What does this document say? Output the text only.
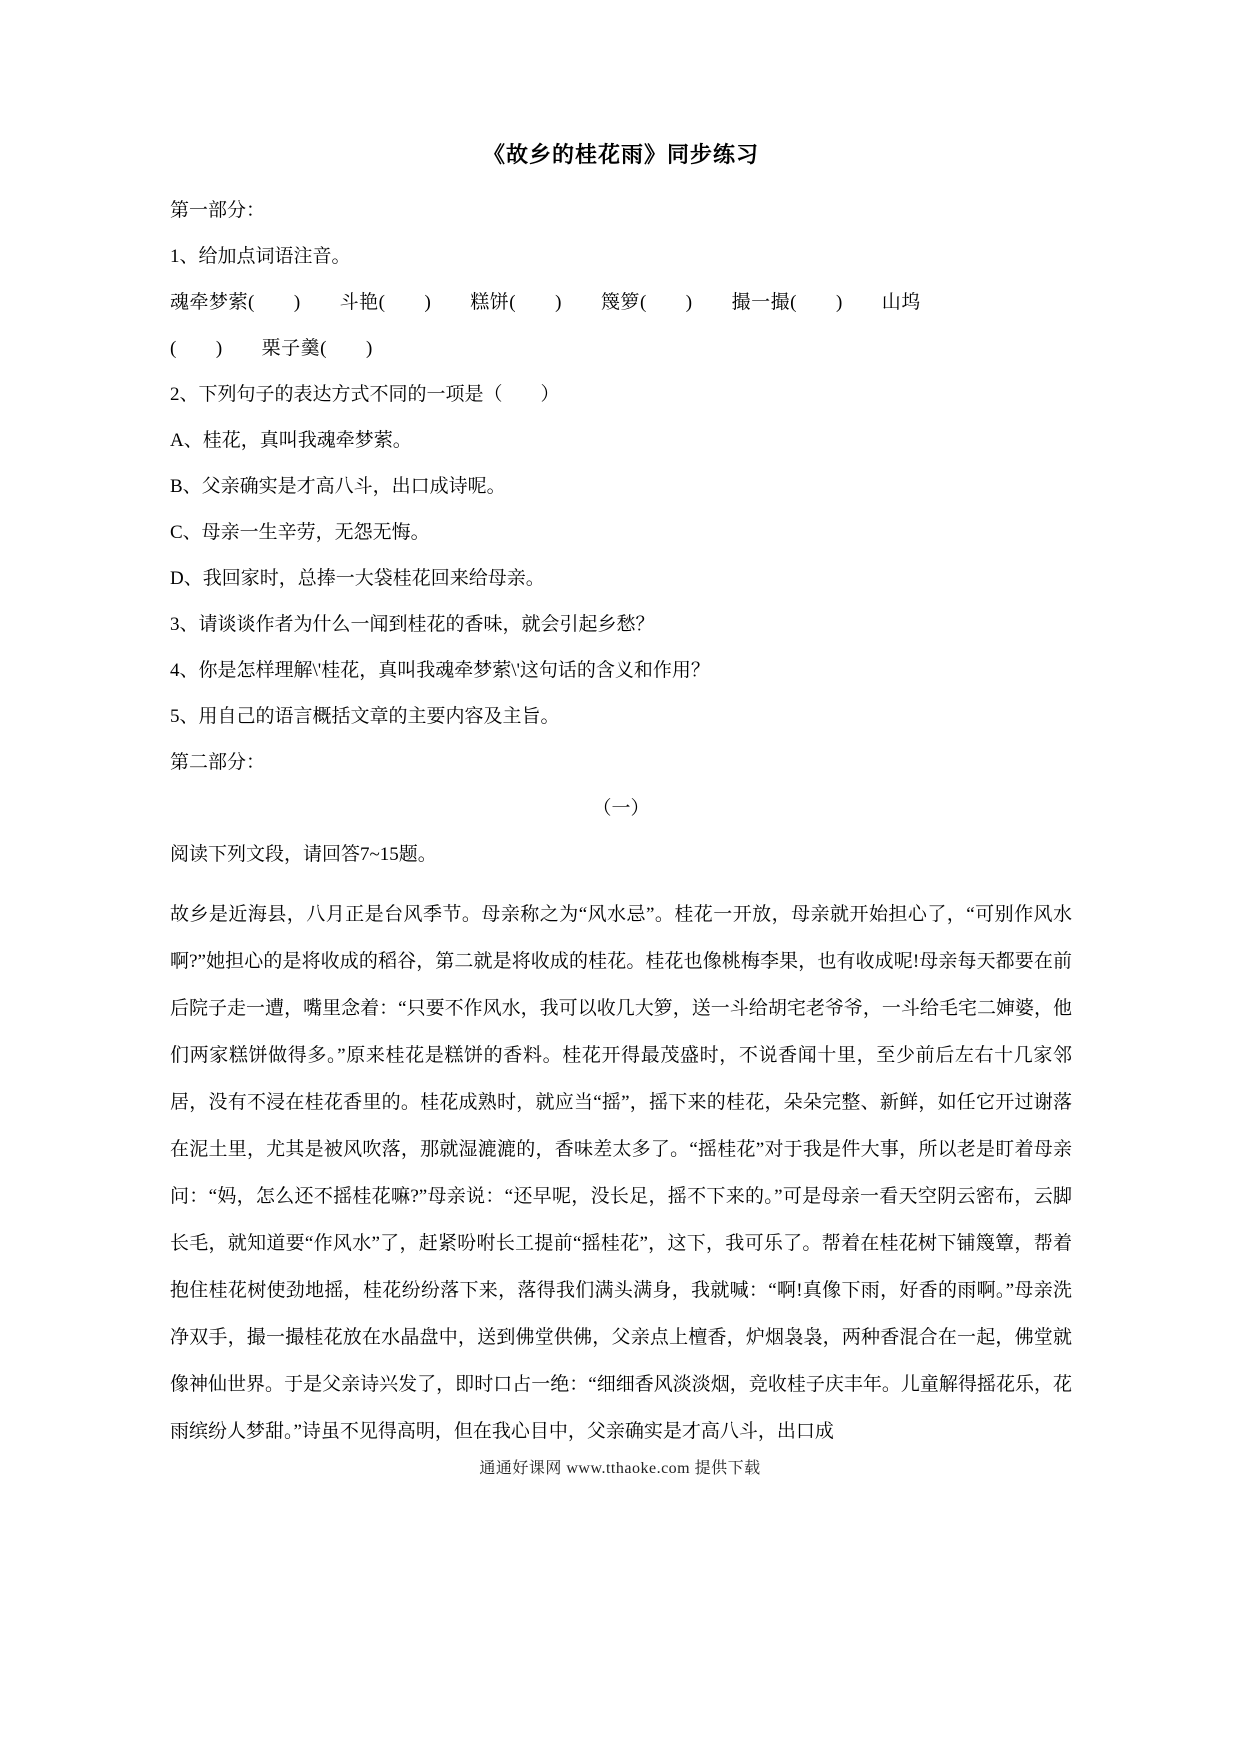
《故乡的桂花雨》同步练习
第一部分：
1、给加点词语注音。
魂牵梦萦(　　)　　斗艳(　　)　　糕饼(　　)　　篾箩(　　)　　撮一撮(　　)　　山坞
(　　)　　栗子羹(　　)
2、下列句子的表达方式不同的一项是（　　）
A、桂花，真叫我魂牵梦萦。
B、父亲确实是才高八斗，出口成诗呢。
C、母亲一生辛劳，无怨无悔。
D、我回家时，总捧一大袋桂花回来给母亲。
3、请谈谈作者为什么一闻到桂花的香味，就会引起乡愁？
4、你是怎样理解\'桂花，真叫我魂牵梦萦\'这句话的含义和作用？
5、用自己的语言概括文章的主要内容及主旨。
第二部分：
（一）
阅读下列文段，请回答7~15题。
故乡是近海县，八月正是台风季节。母亲称之为“风水忌”。桂花一开放，母亲就开始担心了，“可别作风水啊?”她担心的是将收成的稻谷，第二就是将收成的桂花。桂花也像桃梅李果，也有收成呢!母亲每天都要在前后院子走一遭，嘴里念着：“只要不作风水，我可以收几大箩，送一斗给胡宅老爷爷，一斗给毛宅二婶婆，他们两家糕饼做得多。”原来桂花是糕饼的香料。桂花开得最茂盛时，不说香闻十里，至少前后左右十几家邻居，没有不浸在桂花香里的。桂花成熟时，就应当“摇”，摇下来的桂花，朵朵完整、新鲜，如任它开过谢落在泥土里，尤其是被风吹落，那就湿漉漉的，香味差太多了。“摇桂花”对于我是件大事，所以老是盯着母亲问：“妈，怎么还不摇桂花嘛?”母亲说：“还早呢，没长足，摇不下来的。”可是母亲一看天空阴云密布，云脚长毛，就知道要“作风水”了，赶紧吩咐长工提前“摇桂花”，这下，我可乐了。帮着在桂花树下铺篾簟，帮着抱住桂花树使劲地摇，桂花纷纷落下来，落得我们满头满身，我就喊：“啊!真像下雨，好香的雨啊。”母亲洗净双手，撮一撮桂花放在水晶盘中，送到佛堂供佛，父亲点上檀香，炉烟袅袅，两种香混合在一起，佛堂就像神仙世界。于是父亲诗兴发了，即时口占一绝：“细细香风淡淡烟，竞收桂子庆丰年。儿童解得摇花乐，花雨缤纷人梦甜。”诗虽不见得高明，但在我心目中，父亲确实是才高八斗，出口成
通通好课网 www.tthaoke.com 提供下载
